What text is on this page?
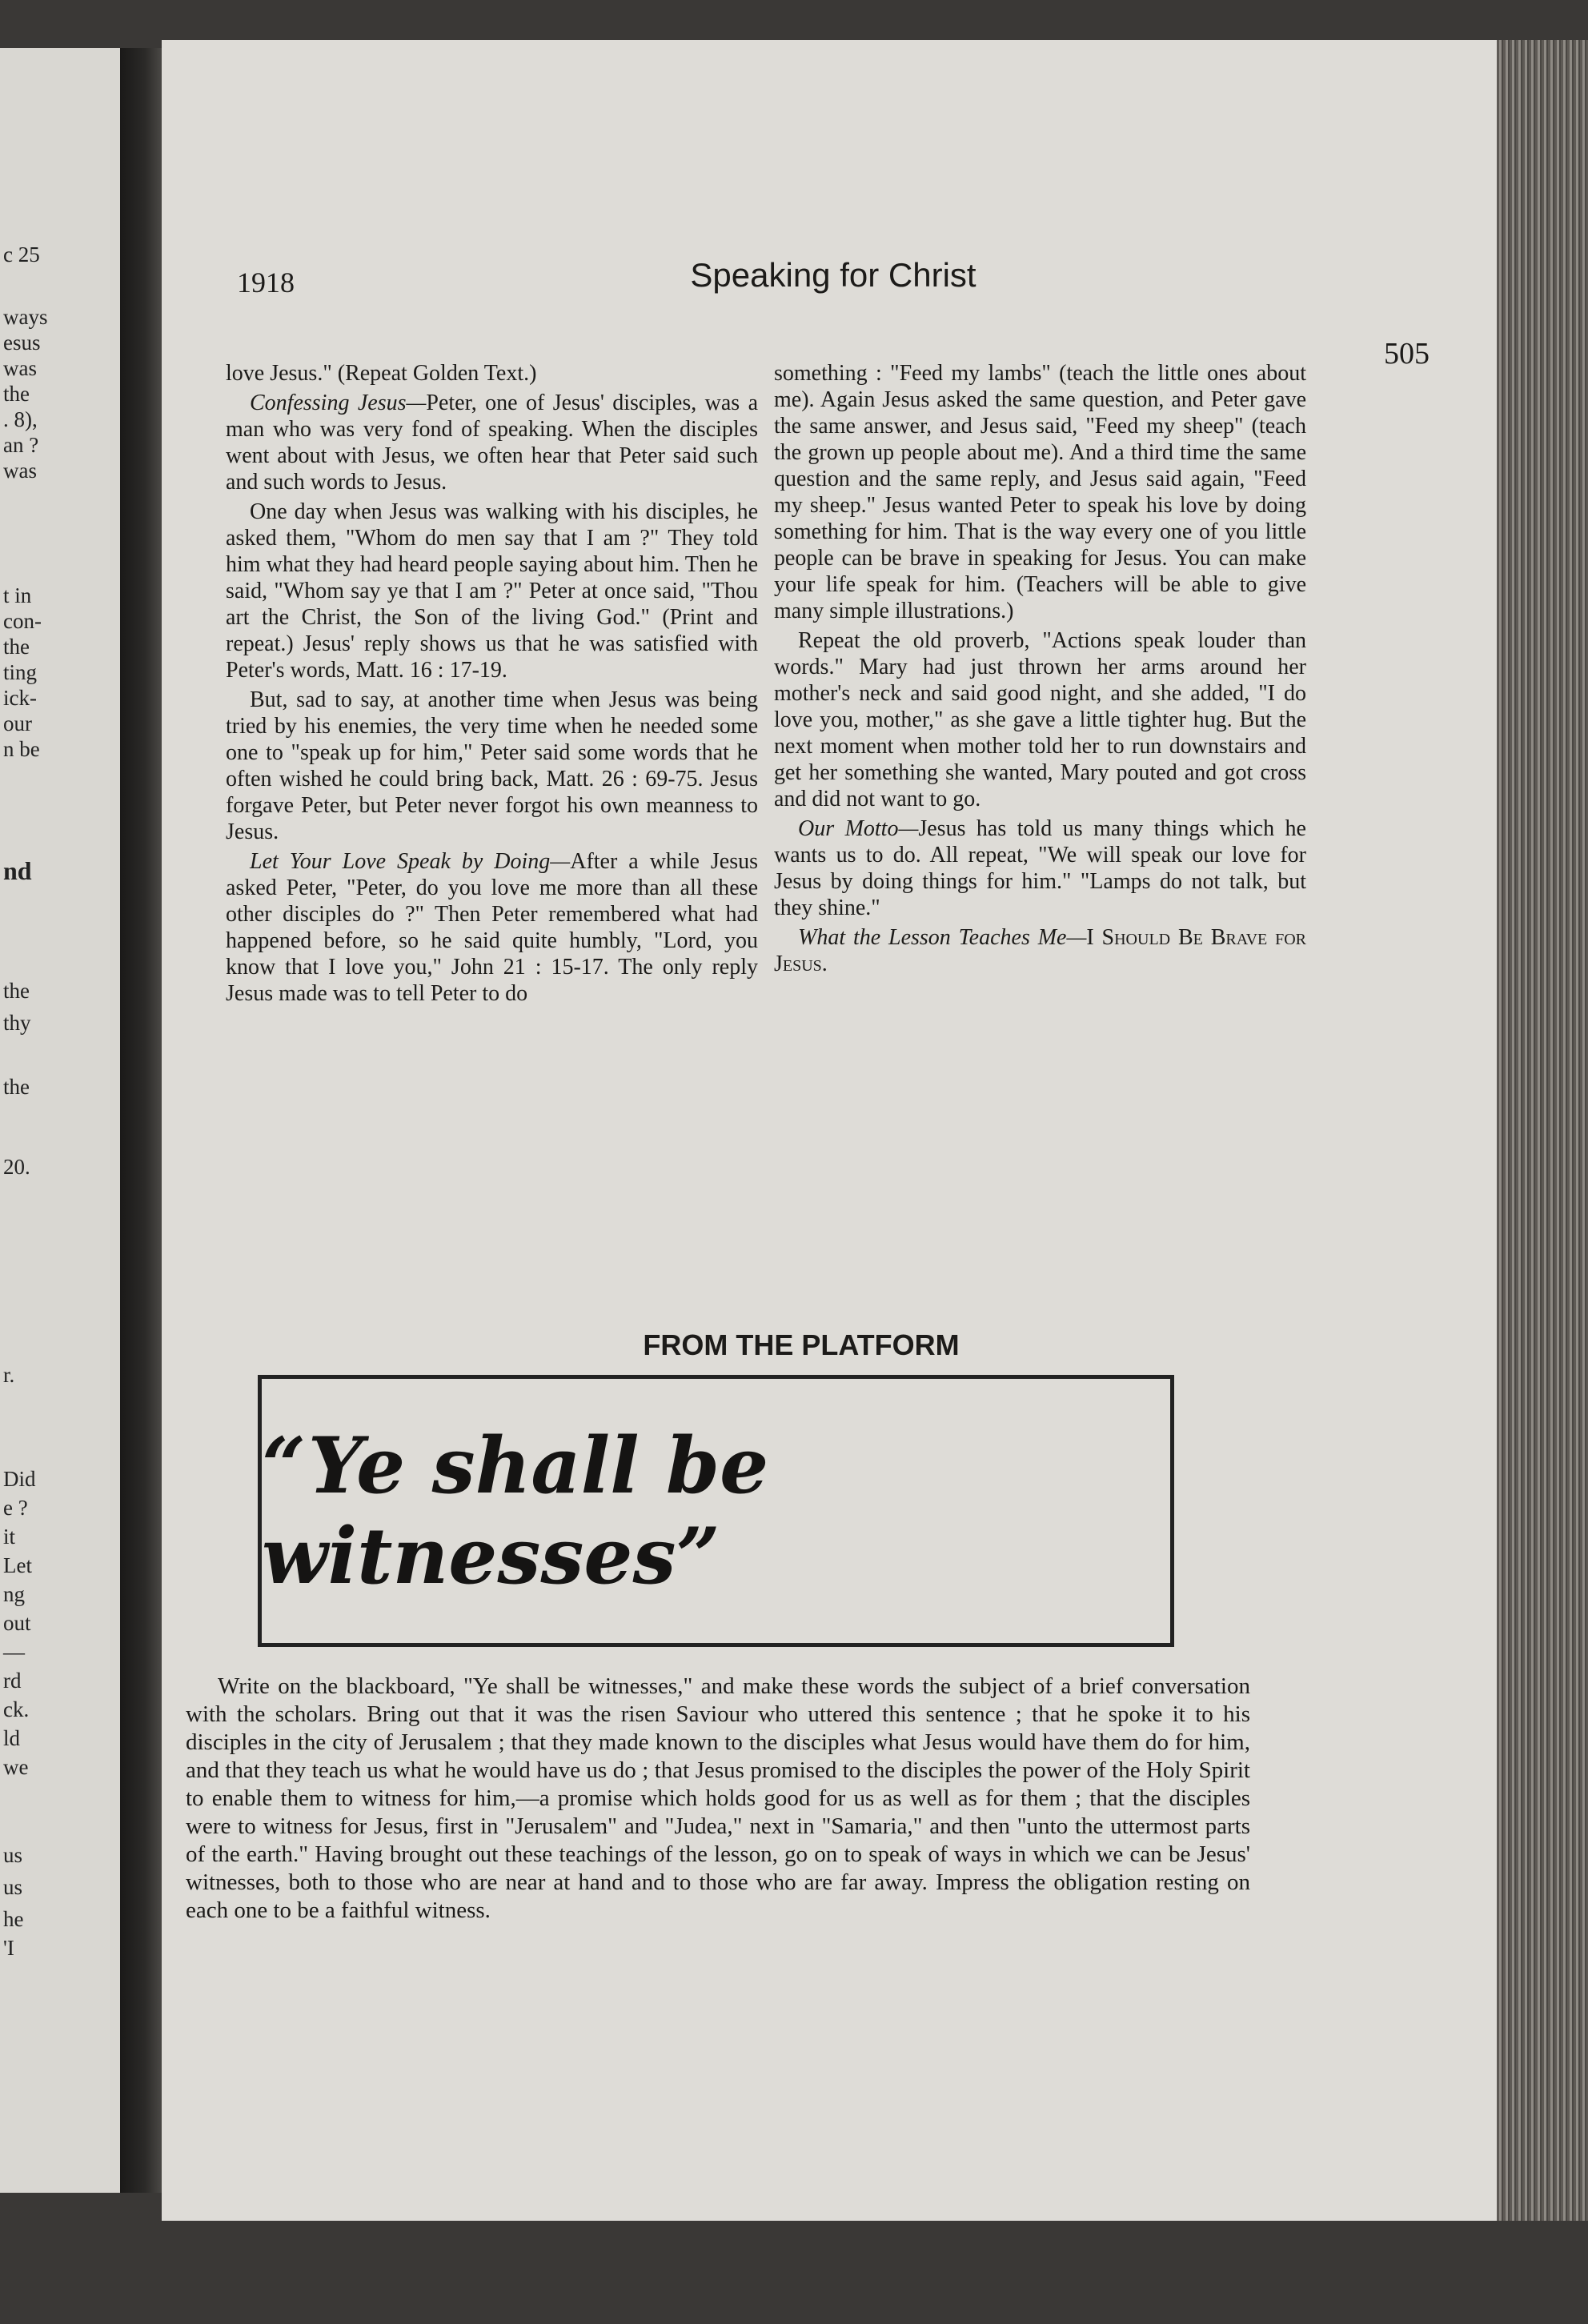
c 25
ways
esus
was
the
. 8),
an ?
was
t in
con-
the
ting
ick-
our
n be
nd
the
thy
the
20.
r.
Did
e ?
it
Let
ng
out
—
rd
ck.
ld
we
us
us
he
'I
1918	Speaking for Christ
505

love Jesus." (Repeat Golden Text.)

Confessing Jesus—Peter, one of Jesus' disciples, was a man who was very fond of speaking. When the disciples went about with Jesus, we often hear that Peter said such and such words to Jesus.

One day when Jesus was walking with his disciples, he asked them, "Whom do men say that I am ?" They told him what they had heard people saying about him. Then he said, "Whom say ye that I am ?" Peter at once said, "Thou art the Christ, the Son of the living God." (Print and repeat.) Jesus' reply shows us that he was satisfied with Peter's words, Matt. 16 : 17-19.

But, sad to say, at another time when Jesus was being tried by his enemies, the very time when he needed some one to "speak up for him," Peter said some words that he often wished he could bring back, Matt. 26 : 69-75. Jesus forgave Peter, but Peter never forgot his own meanness to Jesus.

Let Your Love Speak by Doing—After a while Jesus asked Peter, "Peter, do you love me more than all these other disciples do ?" Then Peter remembered what had happened before, so he said quite humbly, "Lord, you know that I love you," John 21 : 15-17. The only reply Jesus made was to tell Peter to do

something : "Feed my lambs" (teach the little ones about me). Again Jesus asked the same question, and Peter gave the same answer, and Jesus said, "Feed my sheep" (teach the grown up people about me). And a third time the same question and the same reply, and Jesus said again, "Feed my sheep." Jesus wanted Peter to speak his love by doing something for him. That is the way every one of you little people can be brave in speaking for Jesus. You can make your life speak for him. (Teachers will be able to give many simple illustrations.)

Repeat the old proverb, "Actions speak louder than words." Mary had just thrown her arms around her mother's neck and said good night, and she added, "I do love you, mother," as she gave a little tighter hug. But the next moment when mother told her to run downstairs and get her something she wanted, Mary pouted and got cross and did not want to go.

Our Motto—Jesus has told us many things which he wants us to do. All repeat, "We will speak our love for Jesus by doing things for him." "Lamps do not talk, but they shine."

What the Lesson Teaches Me—I Should Be Brave for Jesus.

FROM THE PLATFORM
“Ye shall be witnesses”

Write on the blackboard, "Ye shall be witnesses," and make these words the subject of a brief conversation with the scholars. Bring out that it was the risen Saviour who uttered this sentence ; that he spoke it to his disciples in the city of Jerusalem ; that they made known to the disciples what Jesus would have them do for him, and that they teach us what he would have us do ; that Jesus promised to the disciples the power of the Holy Spirit to enable them to witness for him,—a promise which holds good for us as well as for them ; that the disciples were to witness for Jesus, first in "Jerusalem" and "Judea," next in "Samaria," and then "unto the uttermost parts of the earth." Having brought out these teachings of the lesson, go on to speak of ways in which we can be Jesus' witnesses, both to those who are near at hand and to those who are far away. Impress the obligation resting on each one to be a faithful witness.
